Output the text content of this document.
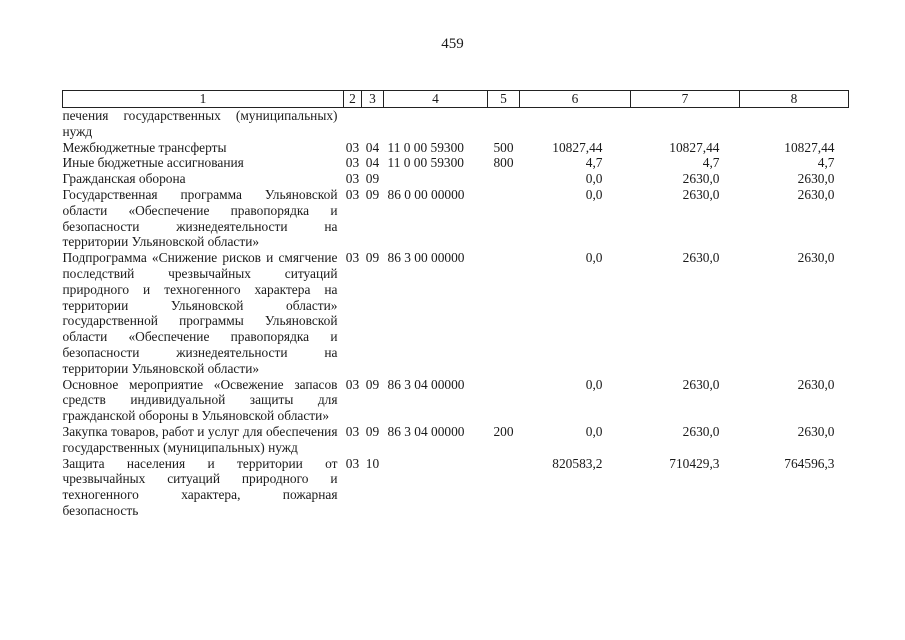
459
1	2	3	4	5	6	7	8
печения государственных (муниципальных) нужд							
Межбюджетные трансферты	03	04	11 0 00 59300	500	10827,44	10827,44	10827,44
Иные бюджетные ассигнования	03	04	11 0 00 59300	800	4,7	4,7	4,7
Гражданская оборона	03	09			0,0	2630,0	2630,0
Государственная программа Ульяновской области «Обеспечение правопорядка и безопасности жизнедеятельности на территории Ульяновской области»	03	09	86 0 00 00000		0,0	2630,0	2630,0
Подпрограмма «Снижение рисков и смягчение последствий чрезвычайных ситуаций природного и техногенного характера на территории Ульяновской области» государственной программы Ульяновской области «Обеспечение правопорядка и безопасности жизнедеятельности на территории Ульяновской области»	03	09	86 3 00 00000		0,0	2630,0	2630,0
Основное мероприятие «Освежение запасов средств индивидуальной защиты для гражданской обороны в Ульяновской области»	03	09	86 3 04 00000		0,0	2630,0	2630,0
Закупка товаров, работ и услуг для обеспечения государственных (муниципальных) нужд	03	09	86 3 04 00000	200	0,0	2630,0	2630,0
Защита населения и территории от чрезвычайных ситуаций природного и техногенного характера, пожарная безопасность	03	10			820583,2	710429,3	764596,3
